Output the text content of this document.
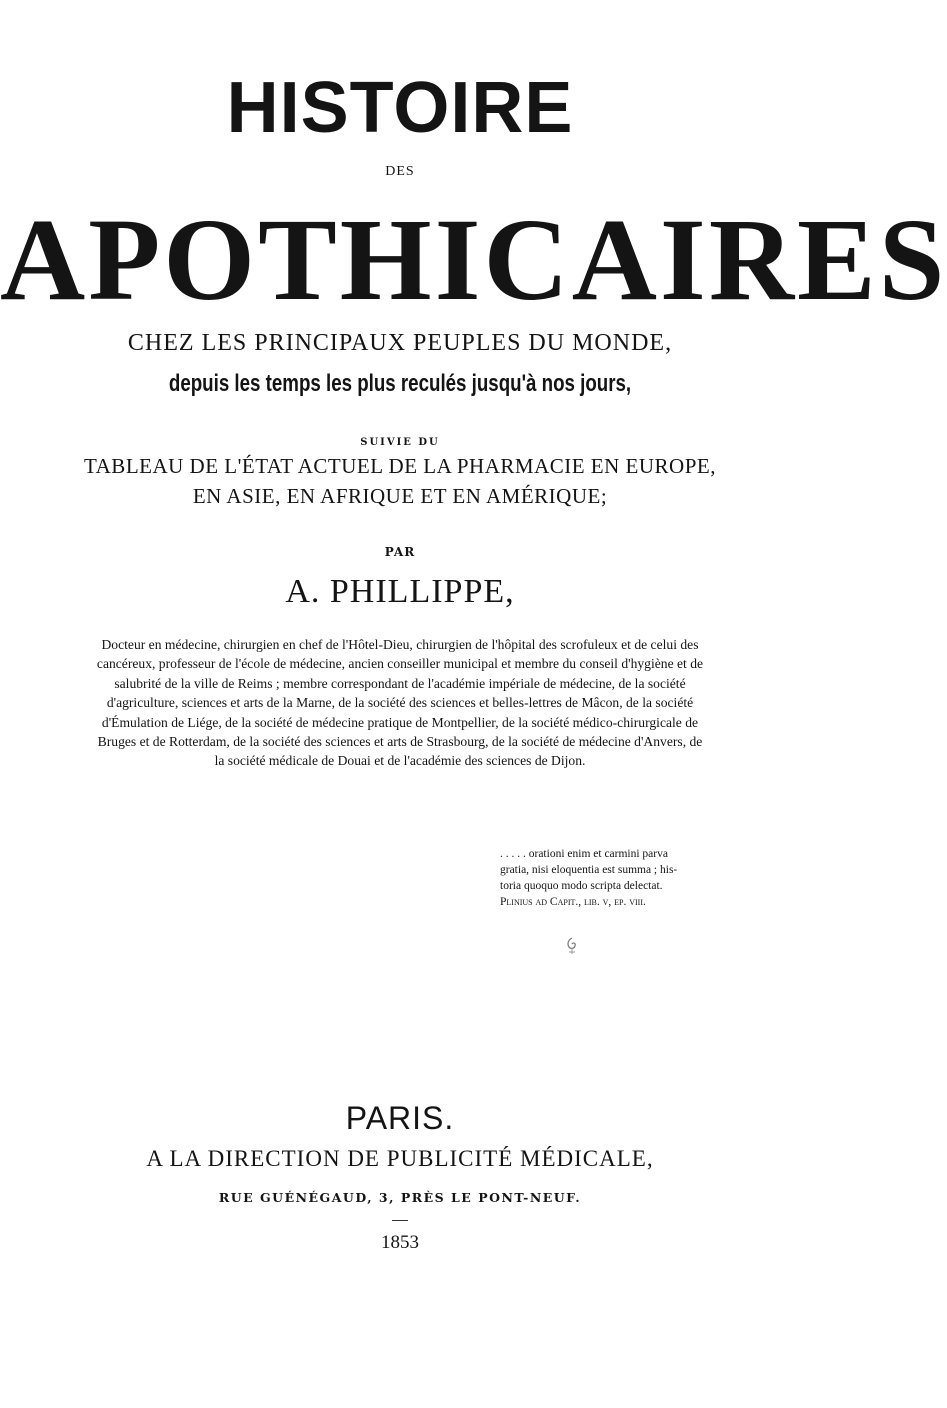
HISTOIRE
DES
APOTHICAIRES
CHEZ LES PRINCIPAUX PEUPLES DU MONDE,
depuis les temps les plus reculés jusqu'à nos jours,
SUIVIE DU
TABLEAU DE L'ÉTAT ACTUEL DE LA PHARMACIE EN EUROPE,
EN ASIE, EN AFRIQUE ET EN AMÉRIQUE;
PAR
A. PHILLIPPE,

Docteur en médecine, chirurgien en chef de l'Hôtel-Dieu, chirurgien de l'hôpital des scrofuleux et de celui des cancéreux, professeur de l'école de médecine, ancien conseiller municipal et membre du conseil d'hygiène et de salubrité de la ville de Reims ; membre correspondant de l'académie impériale de médecine, de la société d'agriculture, sciences et arts de la Marne, de la société des sciences et belles-lettres de Mâcon, de la société d'Émulation de Liége, de la société de médecine pratique de Montpellier, de la société médico-chirurgicale de Bruges et de Rotterdam, de la société des sciences et arts de Strasbourg, de la société de médecine d'Anvers, de la société médicale de Douai et de l'académie des sciences de Dijon.

. . . . . orationi enim et carmini parva
gratia, nisi eloquentia est summa ; his-
toria quoquo modo scripta delectat.
Plinius ad Capit., lib. v, ep. viii.
PARIS.
A LA DIRECTION DE PUBLICITÉ MÉDICALE,
RUE GUÉNÉGAUD, 3, PRÈS LE PONT-NEUF.
1853
